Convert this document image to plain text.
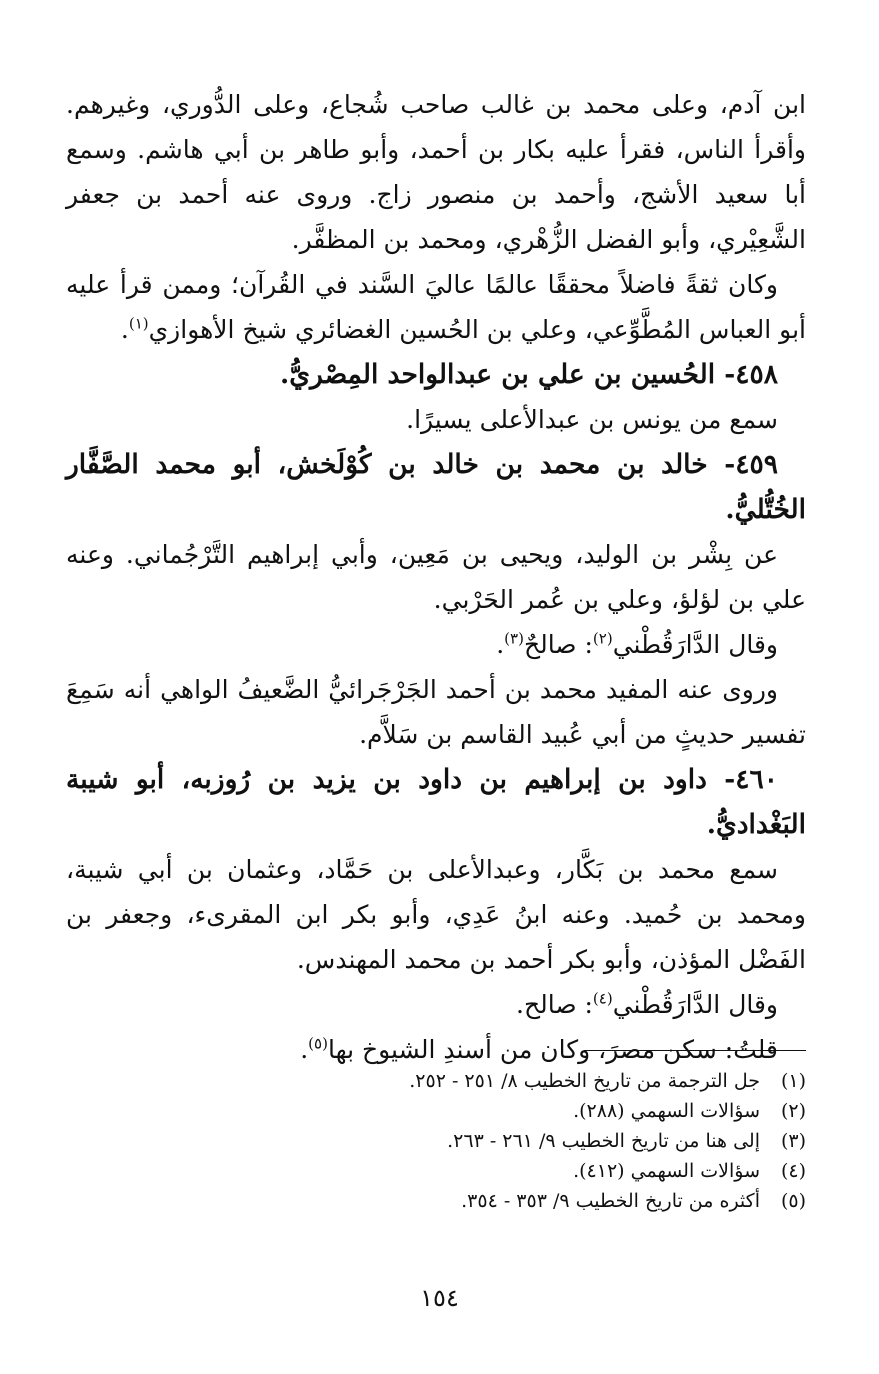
ابن آدم، وعلى محمد بن غالب صاحب شُجاع، وعلى الدُّوري، وغيرهم. وأقرأ الناس، فقرأ عليه بكار بن أحمد، وأبو طاهر بن أبي هاشم. وسمع أبا سعيد الأشج، وأحمد بن منصور زاج. وروى عنه أحمد بن جعفر الشَّعِيْري، وأبو الفضل الزُّهْري، ومحمد بن المظفَّر.

وكان ثقةً فاضلاً محققًا عالمًا عاليَ السَّند في القُرآن؛ وممن قرأ عليه أبو العباس المُطَّوِّعي، وعلي بن الحُسين الغضائري شيخ الأهوازي$^{(١)}$.

٤٥٨- الحُسين بن علي بن عبدالواحد المِصْريُّ.

سمع من يونس بن عبدالأعلى يسيرًا.

٤٥٩- خالد بن محمد بن خالد بن كُوْلَخش، أبو محمد الصَّفَّار الخُتُّليُّ.

عن بِشْر بن الوليد، ويحيى بن مَعِين، وأبي إبراهيم التَّرْجُماني. وعنه علي بن لؤلؤ، وعلي بن عُمر الحَرْبي.

وقال الدَّارَقُطْني$^{(٢)}$: صالحٌ$^{(٣)}$.

وروى عنه المفيد محمد بن أحمد الجَرْجَرائيُّ الضَّعيفُ الواهي أنه سَمِعَ تفسير حديثٍ من أبي عُبيد القاسم بن سَلاَّم.

٤٦٠- داود بن إبراهيم بن داود بن يزيد بن رُوزبه، أبو شيبة البَغْداديُّ.

سمع محمد بن بَكَّار، وعبدالأعلى بن حَمَّاد، وعثمان بن أبي شيبة، ومحمد بن حُميد. وعنه ابنُ عَدِي، وأبو بكر ابن المقرىء، وجعفر بن الفَضْل المؤذن، وأبو بكر أحمد بن محمد المهندس.

وقال الدَّارَقُطْني$^{(٤)}$: صالح.

قلتُ: سكن مصرَ، وكان من أسندِ الشيوخ بها$^{(٥)}$.

(١)
جل الترجمة من تاريخ الخطيب ٨/ ٢٥١ - ٢٥٢.
(٢)
سؤالات السهمي (٢٨٨).
(٣)
إلى هنا من تاريخ الخطيب ٩/ ٢٦١ - ٢٦٣.
(٤)
سؤالات السهمي (٤١٢).
(٥)
أكثره من تاريخ الخطيب ٩/ ٣٥٣ - ٣٥٤.
١٥٤
